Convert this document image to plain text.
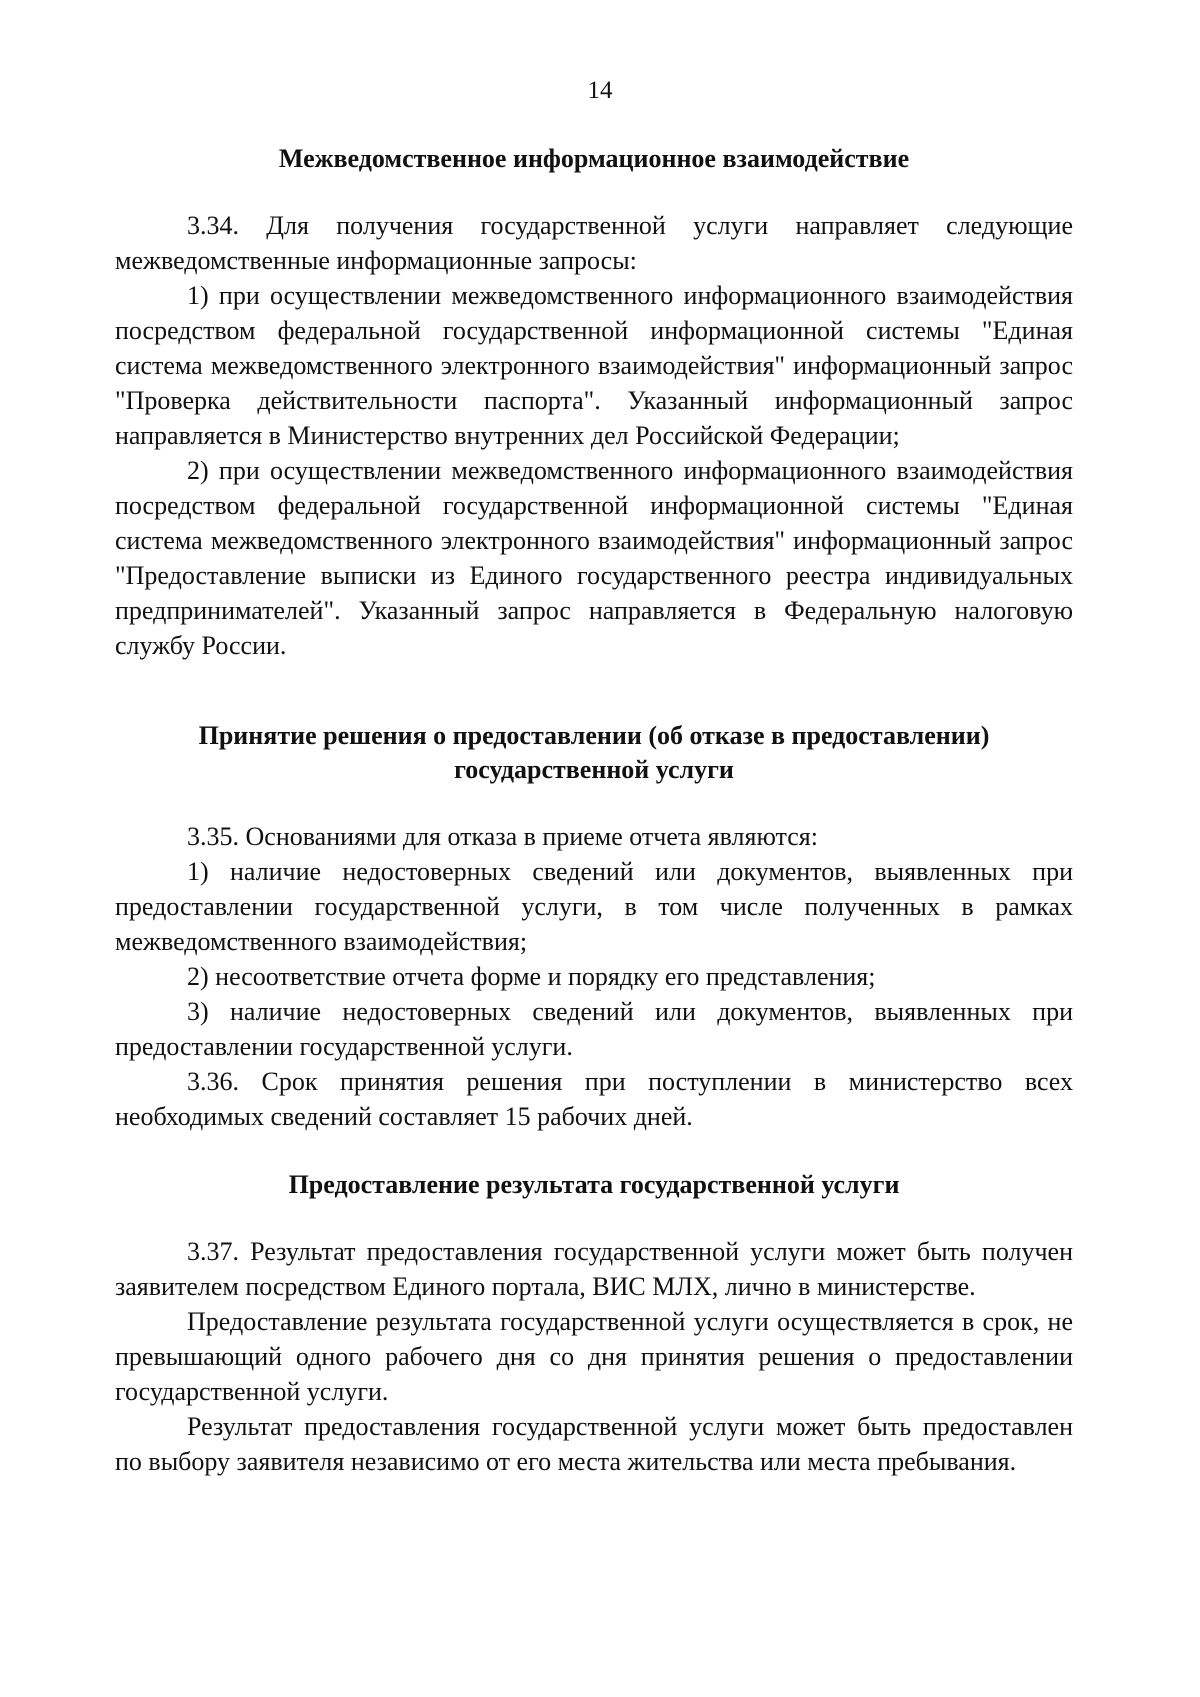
14
Межведомственное информационное взаимодействие

3.34. Для получения государственной услуги направляет следующие межведомственные информационные запросы:

1) при осуществлении межведомственного информационного взаимодействия посредством федеральной государственной информационной системы "Единая система межведомственного электронного взаимодействия" информационный запрос "Проверка действительности паспорта". Указанный информационный запрос направляется в Министерство внутренних дел Российской Федерации;

2) при осуществлении межведомственного информационного взаимодействия посредством федеральной государственной информационной системы "Единая система межведомственного электронного взаимодействия" информационный запрос "Предоставление выписки из Единого государственного реестра индивидуальных предпринимателей". Указанный запрос направляется в Федеральную налоговую службу России.

Принятие решения о предоставлении (об отказе в предоставлении)
государственной услуги

3.35. Основаниями для отказа в приеме отчета являются:

1) наличие недостоверных сведений или документов, выявленных при предоставлении государственной услуги, в том числе полученных в рамках межведомственного взаимодействия;

2) несоответствие отчета форме и порядку его представления;

3) наличие недостоверных сведений или документов, выявленных при предоставлении государственной услуги.

3.36. Срок принятия решения при поступлении в министерство всех необходимых сведений составляет 15 рабочих дней.

Предоставление результата государственной услуги

3.37. Результат предоставления государственной услуги может быть получен заявителем посредством Единого портала, ВИС МЛХ, лично в министерстве.

Предоставление результата государственной услуги осуществляется в срок, не превышающий одного рабочего дня со дня принятия решения о предоставлении государственной услуги.

Результат предоставления государственной услуги может быть предоставлен по выбору заявителя независимо от его места жительства или места пребывания.
